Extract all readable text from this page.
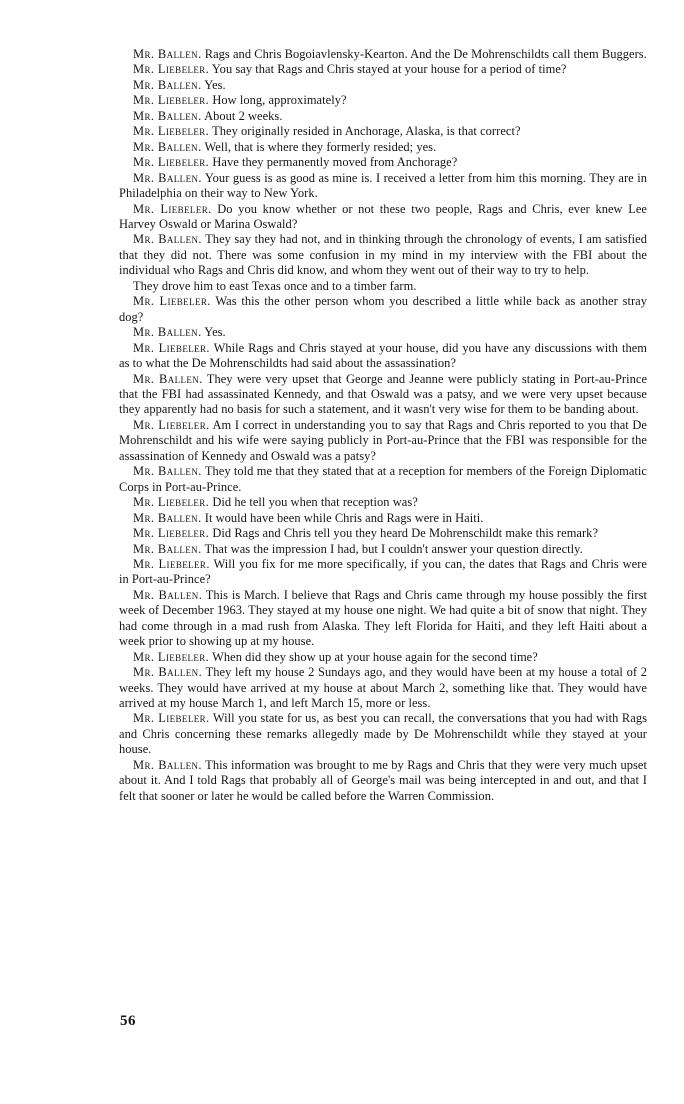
Mr. Ballen. Rags and Chris Bogoiavlensky-Kearton. And the De Mohrenschildts call them Buggers.

Mr. Liebeler. You say that Rags and Chris stayed at your house for a period of time?

Mr. Ballen. Yes.

Mr. Liebeler. How long, approximately?

Mr. Ballen. About 2 weeks.

Mr. Liebeler. They originally resided in Anchorage, Alaska, is that correct?

Mr. Ballen. Well, that is where they formerly resided; yes.

Mr. Liebeler. Have they permanently moved from Anchorage?

Mr. Ballen. Your guess is as good as mine is. I received a letter from him this morning. They are in Philadelphia on their way to New York.

Mr. Liebeler. Do you know whether or not these two people, Rags and Chris, ever knew Lee Harvey Oswald or Marina Oswald?

Mr. Ballen. They say they had not, and in thinking through the chronology of events, I am satisfied that they did not. There was some confusion in my mind in my interview with the FBI about the individual who Rags and Chris did know, and whom they went out of their way to try to help.

They drove him to east Texas once and to a timber farm.

Mr. Liebeler. Was this the other person whom you described a little while back as another stray dog?

Mr. Ballen. Yes.

Mr. Liebeler. While Rags and Chris stayed at your house, did you have any discussions with them as to what the De Mohrenschildts had said about the assassination?

Mr. Ballen. They were very upset that George and Jeanne were publicly stating in Port-au-Prince that the FBI had assassinated Kennedy, and that Oswald was a patsy, and we were very upset because they apparently had no basis for such a statement, and it wasn't very wise for them to be banding about.

Mr. Liebeler. Am I correct in understanding you to say that Rags and Chris reported to you that De Mohrenschildt and his wife were saying publicly in Port-au-Prince that the FBI was responsible for the assassination of Kennedy and Oswald was a patsy?

Mr. Ballen. They told me that they stated that at a reception for members of the Foreign Diplomatic Corps in Port-au-Prince.

Mr. Liebeler. Did he tell you when that reception was?

Mr. Ballen. It would have been while Chris and Rags were in Haiti.

Mr. Liebeler. Did Rags and Chris tell you they heard De Mohrenschildt make this remark?

Mr. Ballen. That was the impression I had, but I couldn't answer your question directly.

Mr. Liebeler. Will you fix for me more specifically, if you can, the dates that Rags and Chris were in Port-au-Prince?

Mr. Ballen. This is March. I believe that Rags and Chris came through my house possibly the first week of December 1963. They stayed at my house one night. We had quite a bit of snow that night. They had come through in a mad rush from Alaska. They left Florida for Haiti, and they left Haiti about a week prior to showing up at my house.

Mr. Liebeler. When did they show up at your house again for the second time?

Mr. Ballen. They left my house 2 Sundays ago, and they would have been at my house a total of 2 weeks. They would have arrived at my house at about March 2, something like that. They would have arrived at my house March 1, and left March 15, more or less.

Mr. Liebeler. Will you state for us, as best you can recall, the conversations that you had with Rags and Chris concerning these remarks allegedly made by De Mohrenschildt while they stayed at your house.

Mr. Ballen. This information was brought to me by Rags and Chris that they were very much upset about it. And I told Rags that probably all of George's mail was being intercepted in and out, and that I felt that sooner or later he would be called before the Warren Commission.

56
